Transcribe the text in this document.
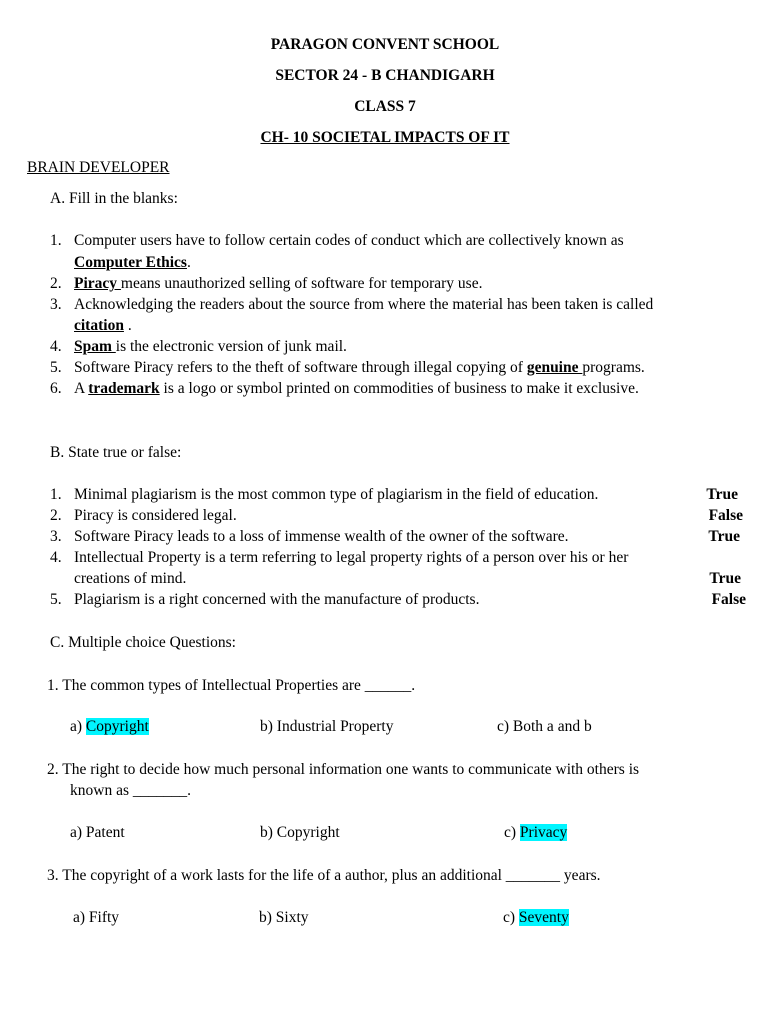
PARAGON CONVENT SCHOOL
SECTOR 24 - B CHANDIGARH
CLASS 7
CH- 10 SOCIETAL IMPACTS OF IT
BRAIN DEVELOPER
A. Fill in the blanks:
1. Computer users have to follow certain codes of conduct which are collectively known as
Computer Ethics.
2. Piracy means unauthorized selling of software for temporary use.
3. Acknowledging the readers about the source from where the material has been taken is called
citation .
4. Spam is the electronic version of junk mail.
5. Software Piracy refers to the theft of software through illegal copying of genuine programs.
6. A trademark is a logo or symbol printed on commodities of business to make it exclusive.
B. State true or false:
1. Minimal plagiarism is the most common type of plagiarism in the field of education.	True
2. Piracy is considered legal.	False
3. Software Piracy leads to a loss of immense wealth of the owner of the software.	True
4. Intellectual Property is a term referring to legal property rights of a person over his or her
creations of mind.	True
5. Plagiarism is a right concerned with the manufacture of products.	False
C. Multiple choice Questions:
1. The common types of Intellectual Properties are ______.
a) Copyright	b) Industrial Property	c) Both a and b
2. The right to decide how much personal information one wants to communicate with others is
known as _______.
a) Patent	b) Copyright	c) Privacy
3. The copyright of a work lasts for the life of a author, plus an additional _______ years.
a) Fifty	b) Sixty	c) Seventy
